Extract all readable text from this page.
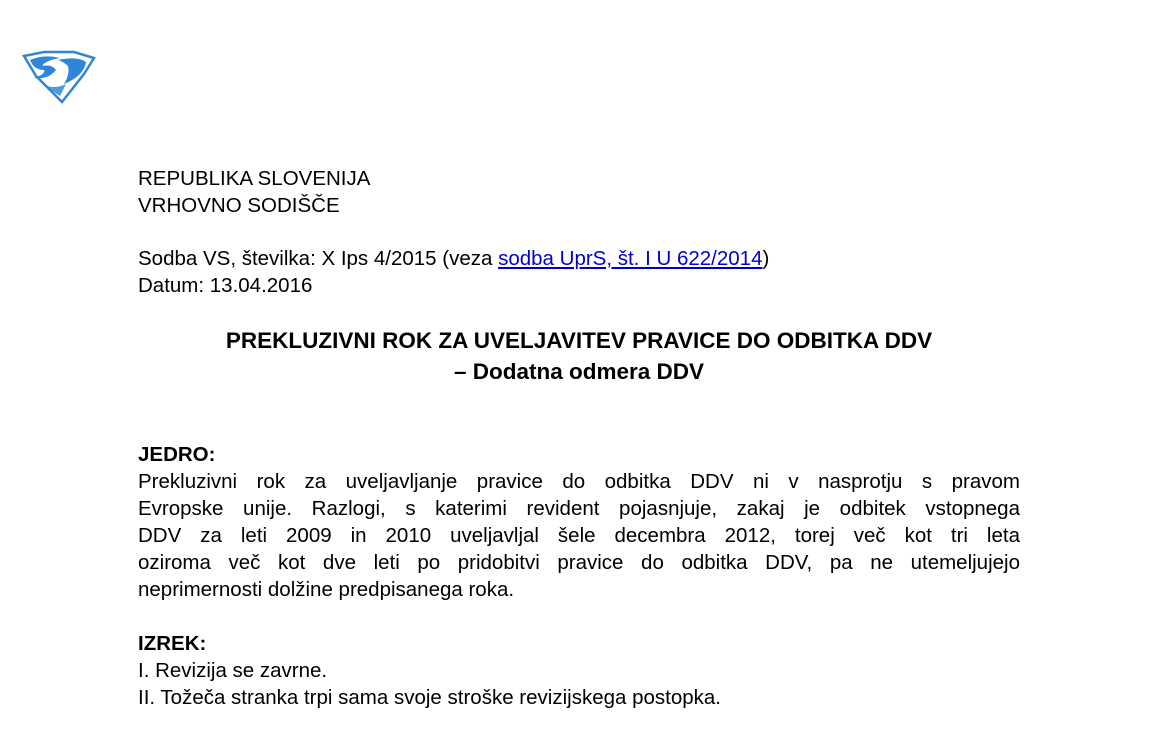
REPUBLIKA SLOVENIJA
VRHOVNO SODIŠČE
Sodba VS, številka: X Ips 4/2015 (veza sodba UprS, št. I U 622/2014)
Datum: 13.04.2016
PREKLUZIVNI ROK ZA UVELJAVITEV PRAVICE DO ODBITKA DDV
– Dodatna odmera DDV
JEDRO:
Prekluzivni rok za uveljavljanje pravice do odbitka DDV ni v nasprotju s pravom
Evropske unije. Razlogi, s katerimi revident pojasnjuje, zakaj je odbitek vstopnega
DDV za leti 2009 in 2010 uveljavljal šele decembra 2012, torej več kot tri leta
oziroma več kot dve leti po pridobitvi pravice do odbitka DDV, pa ne utemeljujejo
neprimernosti dolžine predpisanega roka.
IZREK:
I. Revizija se zavrne.
II. Tožeča stranka trpi sama svoje stroške revizijskega postopka.
